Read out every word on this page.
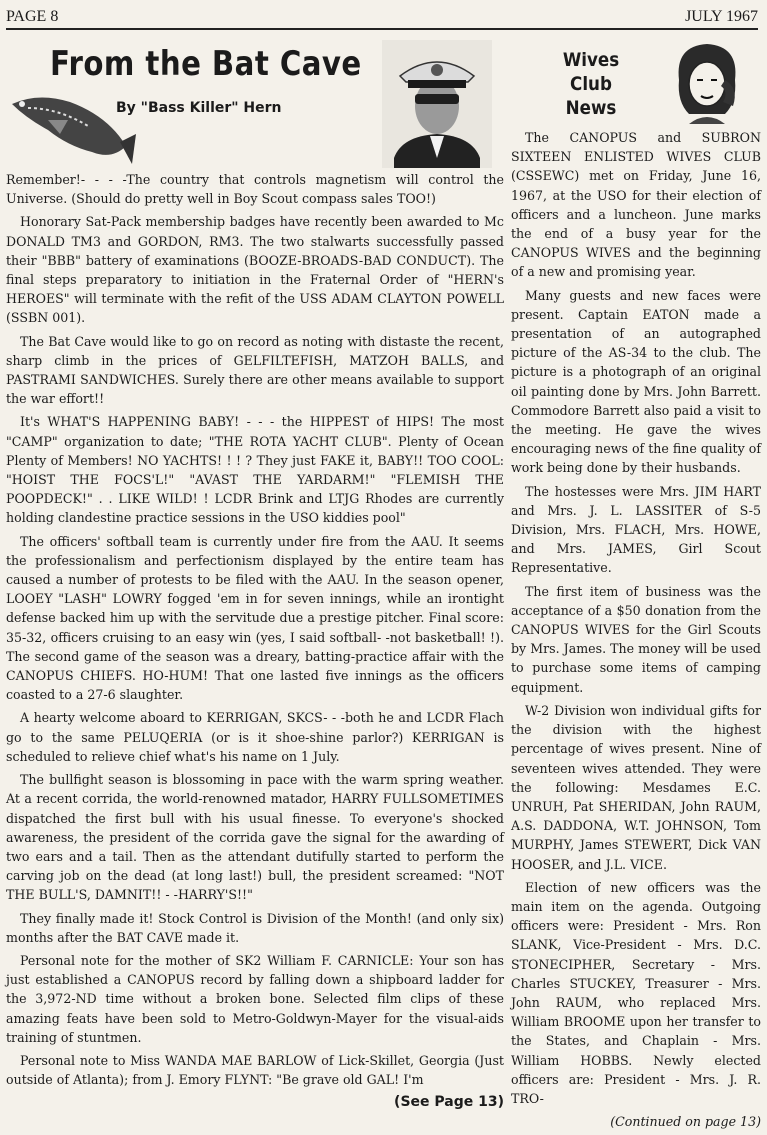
PAGE 8	JULY 1967
From the Bat Cave
By "Bass Killer" Hern

Remember!- - - -The country that controls magnetism will control the Universe. (Should do pretty well in Boy Scout compass sales TOO!)

Honorary Sat-Pack membership badges have recently been awarded to Mc DONALD TM3 and GORDON, RM3. The two stalwarts successfully passed their "BBB" battery of examinations (BOOZE-BROADS-BAD CONDUCT). The final steps preparatory to initiation in the Fraternal Order of "HERN's HEROES" will terminate with the refit of the USS ADAM CLAYTON POWELL (SSBN 001).

The Bat Cave would like to go on record as noting with distaste the recent, sharp climb in the prices of GELFILTEFISH, MATZOH BALLS, and PASTRAMI SANDWICHES. Surely there are other means available to support the war effort!!

It's WHAT'S HAPPENING BABY! - - - the HIPPEST of HIPS! The most "CAMP" organization to date; "THE ROTA YACHT CLUB". Plenty of Ocean Plenty of Members! NO YACHTS! ! ! ? They just FAKE it, BABY!! TOO COOL: "HOIST THE FOCS'L!" "AVAST THE YARDARM!" "FLEMISH THE POOPDECK!" . . LIKE WILD! ! LCDR Brink and LTJG Rhodes are currently holding clandestine practice sessions in the USO kiddies pool"

The officers' softball team is currently under fire from the AAU. It seems the professionalism and perfectionism displayed by the entire team has caused a number of protests to be filed with the AAU. In the season opener, LOOEY "LASH" LOWRY fogged 'em in for seven innings, while an irontight defense backed him up with the servitude due a prestige pitcher. Final score: 35-32, officers cruising to an easy win (yes, I said softball- -not basketball! !). The second game of the season was a dreary, batting-practice affair with the CANOPUS CHIEFS. HO-HUM! That one lasted five innings as the officers coasted to a 27-6 slaughter.

A hearty welcome aboard to KERRIGAN, SKCS- - -both he and LCDR Flach go to the same PELUQERIA (or is it shoe-shine parlor?) KERRIGAN is scheduled to relieve chief what's his name on 1 July.

The bullfight season is blossoming in pace with the warm spring weather. At a recent corrida, the world-renowned matador, HARRY FULLSOMETIMES dispatched the first bull with his usual finesse. To everyone's shocked awareness, the president of the corrida gave the signal for the awarding of two ears and a tail. Then as the attendant dutifully started to perform the carving job on the dead (at long last!) bull, the president screamed: "NOT THE BULL'S, DAMNIT!! - -HARRY'S!!"

They finally made it! Stock Control is Division of the Month! (and only six) months after the BAT CAVE made it.

Personal note for the mother of SK2 William F. CARNICLE: Your son has just established a CANOPUS record by falling down a shipboard ladder for the 3,972-ND time without a broken bone. Selected film clips of these amazing feats have been sold to Metro-Goldwyn-Mayer for the visual-aids training of stuntmen.

Personal note to Miss WANDA MAE BARLOW of Lick-Skillet, Georgia (Just outside of Atlanta); from J. Emory FLYNT: "Be grave old GAL! I'm

(See Page 13)

Wives Club
News

The CANOPUS and SUBRON SIXTEEN ENLISTED WIVES CLUB (CSSEWC) met on Friday, June 16, 1967, at the USO for their election of officers and a luncheon. June marks the end of a busy year for the CANOPUS WIVES and the beginning of a new and promising year.

Many guests and new faces were present. Captain EATON made a presentation of an autographed picture of the AS-34 to the club. The picture is a photograph of an original oil painting done by Mrs. John Barrett. Commodore Barrett also paid a visit to the meeting. He gave the wives encouraging news of the fine quality of work being done by their husbands.

The hostesses were Mrs. JIM HART and Mrs. J. L. LASSITER of S-5 Division, Mrs. FLACH, Mrs. HOWE, and Mrs. JAMES, Girl Scout Representative.

The first item of business was the acceptance of a $50 donation from the CANOPUS WIVES for the Girl Scouts by Mrs. James. The money will be used to purchase some items of camping equipment.

W-2 Division won individual gifts for the division with the highest percentage of wives present. Nine of seventeen wives attended. They were the following: Mesdames E.C. UNRUH, Pat SHERIDAN, John RAUM, A.S. DADDONA, W.T. JOHNSON, Tom MURPHY, James STEWERT, Dick VAN HOOSER, and J.L. VICE.

Election of new officers was the main item on the agenda. Outgoing officers were: President - Mrs. Ron SLANK, Vice-President - Mrs. D.C. STONECIPHER, Secretary - Mrs. Charles STUCKEY, Treasurer - Mrs. John RAUM, who replaced Mrs. William BROOME upon her transfer to the States, and Chaplain - Mrs. William HOBBS. Newly elected officers are: President - Mrs. J. R. TRO-

(Continued on page 13)
